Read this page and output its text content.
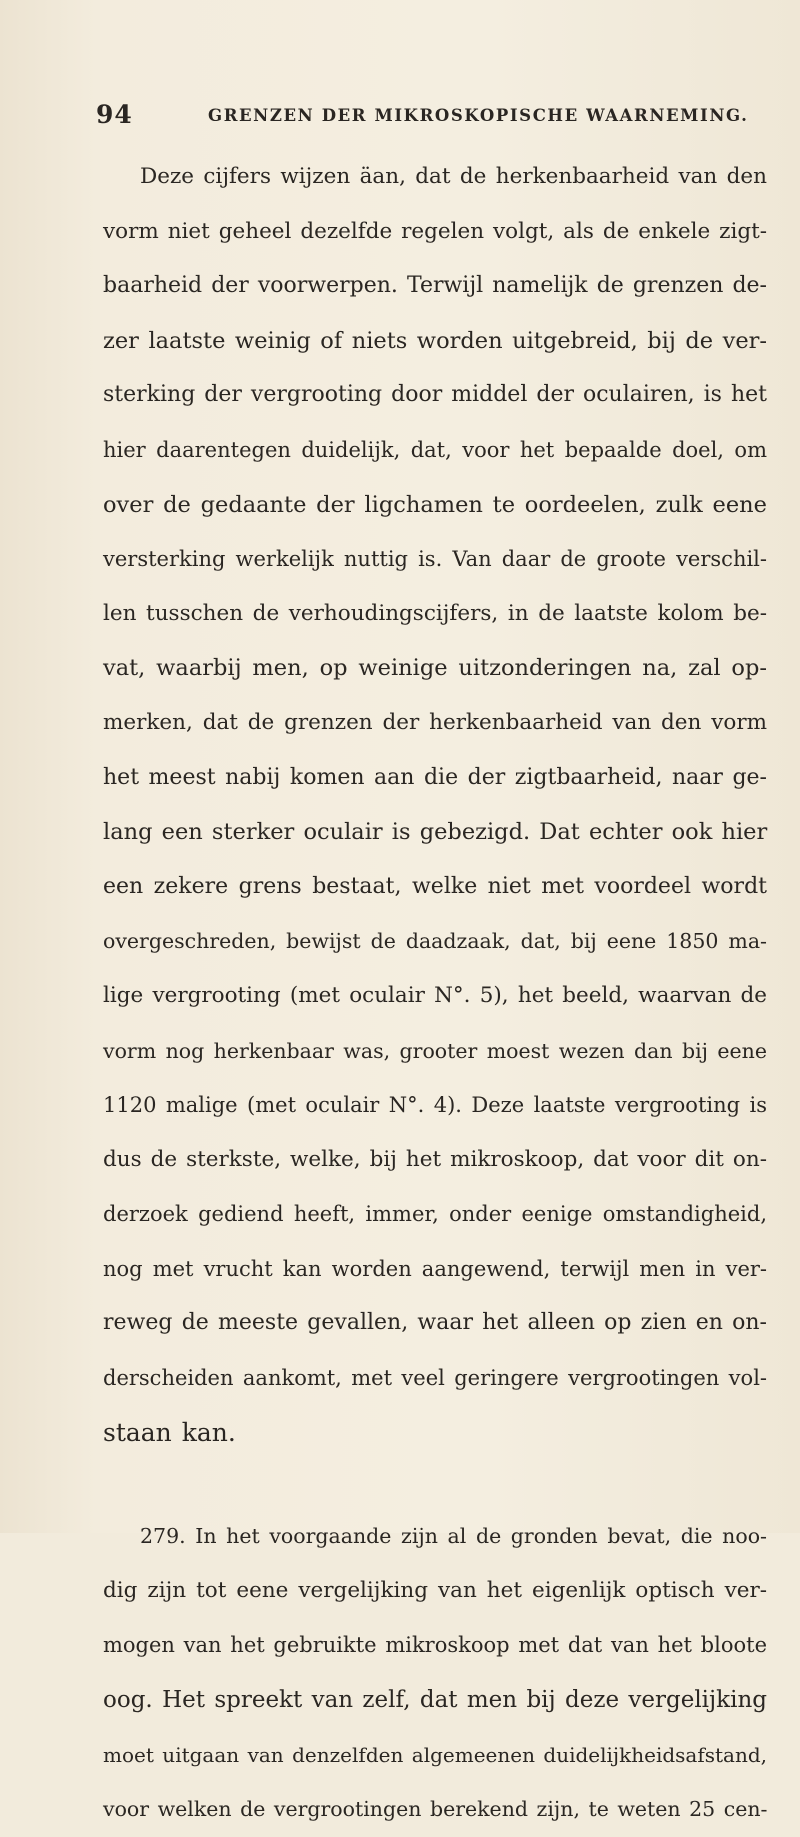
94	GRENZEN DER MIKROSKOPISCHE WAARNEMING.
Deze cijfers wijzen äan, dat de herkenbaarheid van den
vorm niet geheel dezelfde regelen volgt, als de enkele zigt-
baarheid der voorwerpen. Terwijl namelijk de grenzen de-
zer laatste weinig of niets worden uitgebreid, bij de ver-
sterking der vergrooting door middel der oculairen, is het
hier daarentegen duidelijk, dat, voor het bepaalde doel, om
over de gedaante der ligchamen te oordeelen, zulk eene
versterking werkelijk nuttig is. Van daar de groote verschil-
len tusschen de verhoudingscijfers, in de laatste kolom be-
vat, waarbij men, op weinige uitzonderingen na, zal op-
merken, dat de grenzen der herkenbaarheid van den vorm
het meest nabij komen aan die der zigtbaarheid, naar ge-
lang een sterker oculair is gebezigd. Dat echter ook hier
een zekere grens bestaat, welke niet met voordeel wordt
overgeschreden, bewijst de daadzaak, dat, bij eene 1850 ma-
lige vergrooting (met oculair N°. 5), het beeld, waarvan de
vorm nog herkenbaar was, grooter moest wezen dan bij eene
1120 malige (met oculair N°. 4). Deze laatste vergrooting is
dus de sterkste, welke, bij het mikroskoop, dat voor dit on-
derzoek gediend heeft, immer, onder eenige omstandigheid,
nog met vrucht kan worden aangewend, terwijl men in ver-
reweg de meeste gevallen, waar het alleen op zien en on-
derscheiden aankomt, met veel geringere vergrootingen vol-
staan kan.
279. In het voorgaande zijn al de gronden bevat, die noo-
dig zijn tot eene vergelijking van het eigenlijk optisch ver-
mogen van het gebruikte mikroskoop met dat van het bloote
oog. Het spreekt van zelf, dat men bij deze vergelijking
moet uitgaan van denzelfden algemeenen duidelijkheidsafstand,
voor welken de vergrootingen berekend zijn, te weten 25 cen-
